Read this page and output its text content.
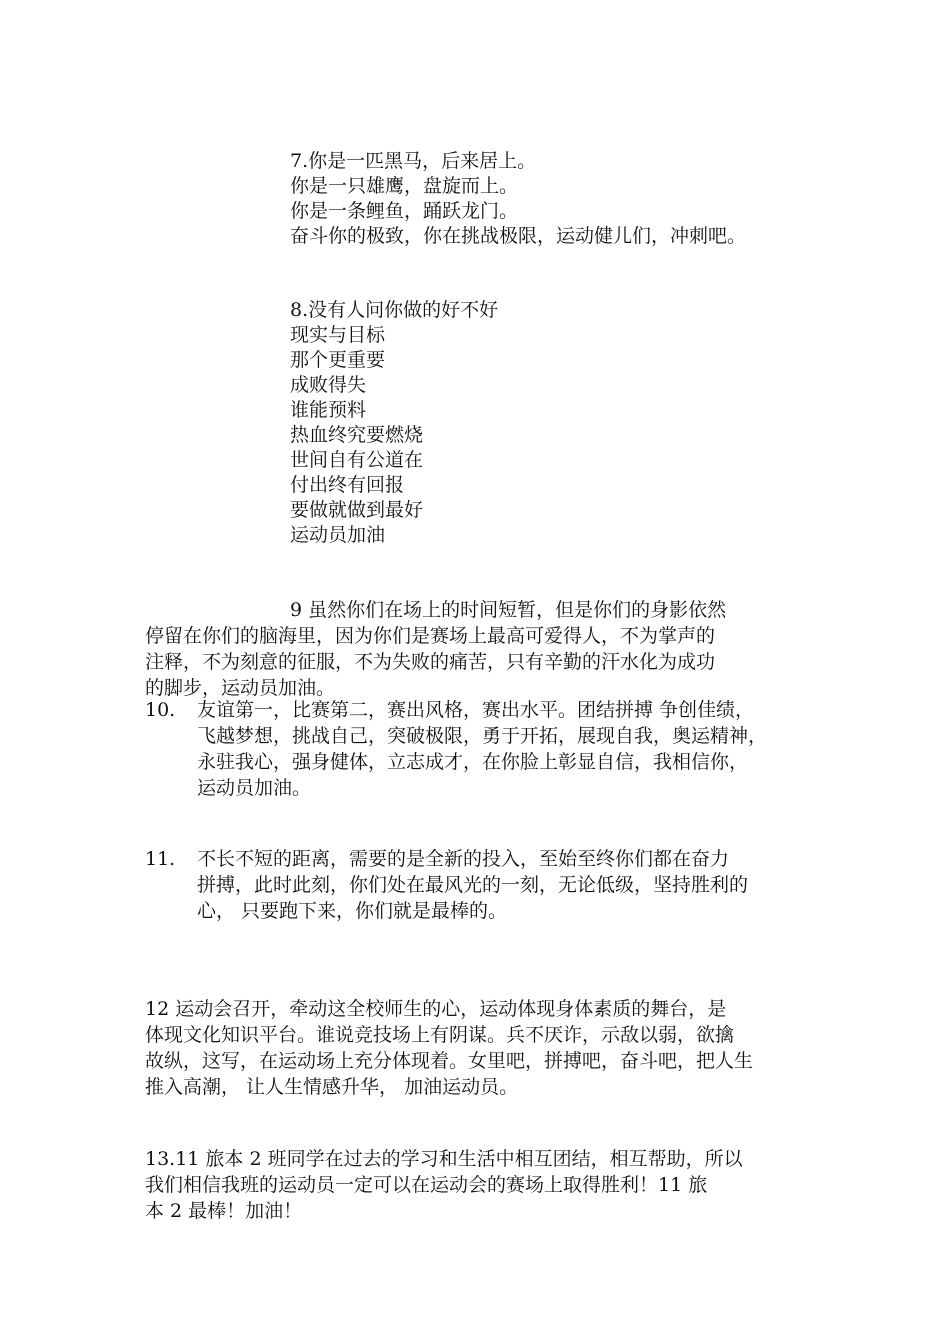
7.你是一匹黑马，后来居上。
你是一只雄鹰，盘旋而上。
你是一条鲤鱼，踊跃龙门。
奋斗你的极致，你在挑战极限，运动健儿们，冲刺吧。
8.没有人问你做的好不好
现实与目标
那个更重要
成败得失
谁能预料
热血终究要燃烧
世间自有公道在
付出终有回报
要做就做到最好
运动员加油
9 虽然你们在场上的时间短暂，但是你们的身影依然
停留在你们的脑海里，因为你们是赛场上最高可爱得人，不为掌声的
注释，不为刻意的征服，不为失败的痛苦，只有辛勤的汗水化为成功
的脚步，运动员加油。
10. 友谊第一，比赛第二，赛出风格，赛出水平。团结拼搏 争创佳绩，
飞越梦想，挑战自己，突破极限，勇于开拓，展现自我，奥运精神，
永驻我心，强身健体，立志成才，在你脸上彰显自信，我相信你，
运动员加油。
11. 不长不短的距离，需要的是全新的投入，至始至终你们都在奋力
拼搏，此时此刻，你们处在最风光的一刻，无论低级，坚持胜利的
心， 只要跑下来，你们就是最棒的。
12 运动会召开，牵动这全校师生的心，运动体现身体素质的舞台，是
体现文化知识平台。谁说竞技场上有阴谋。兵不厌诈，示敌以弱，欲擒
故纵，这写，在运动场上充分体现着。女里吧，拼搏吧，奋斗吧，把人生
推入高潮， 让人生情感升华， 加油运动员。
13.11 旅本 2 班同学在过去的学习和生活中相互团结，相互帮助，所以
我们相信我班的运动员一定可以在运动会的赛场上取得胜利！11 旅
本 2 最棒！加油！
